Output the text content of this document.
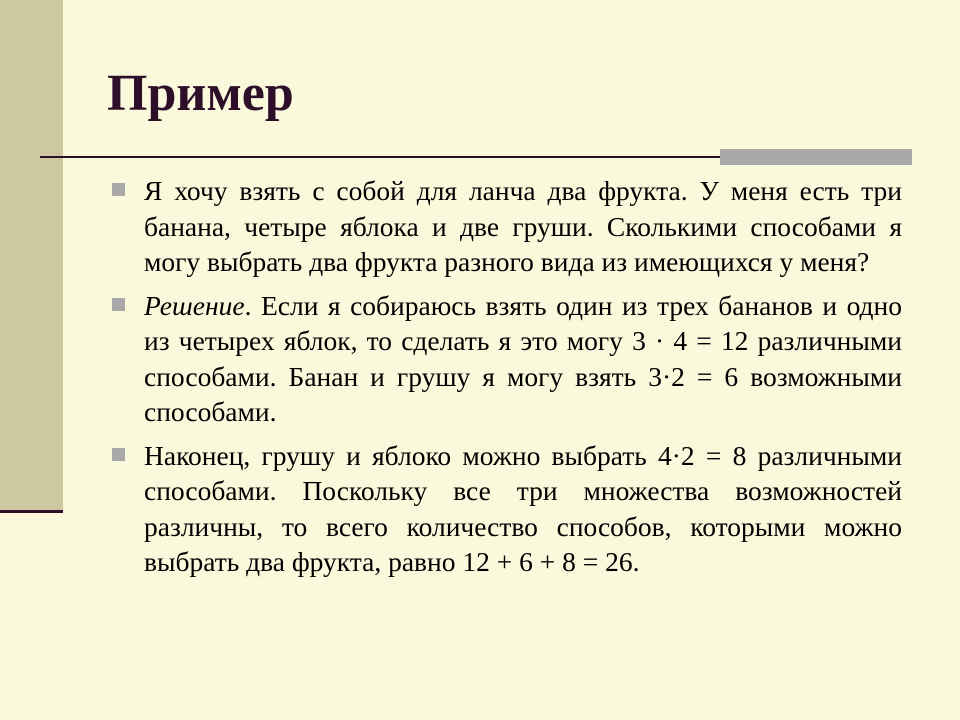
Пример
Я хочу взять с собой для ланча два фрукта. У меня есть три банана, четыре яблока и две груши. Сколькими способами я могу выбрать два фрукта разного вида из имеющихся у меня?
Решение. Если я собираюсь взять один из трех бананов и одно из четырех яблок, то сделать я это могу 3 · 4 = 12 различными способами. Банан и грушу я могу взять 3·2 = 6 возможными способами.
Наконец, грушу и яблоко можно выбрать 4·2 = 8 различными способами. Поскольку все три множества возможностей различны, то всего количество способов, которыми можно выбрать два фрукта, равно 12 + 6 + 8 = 26.
